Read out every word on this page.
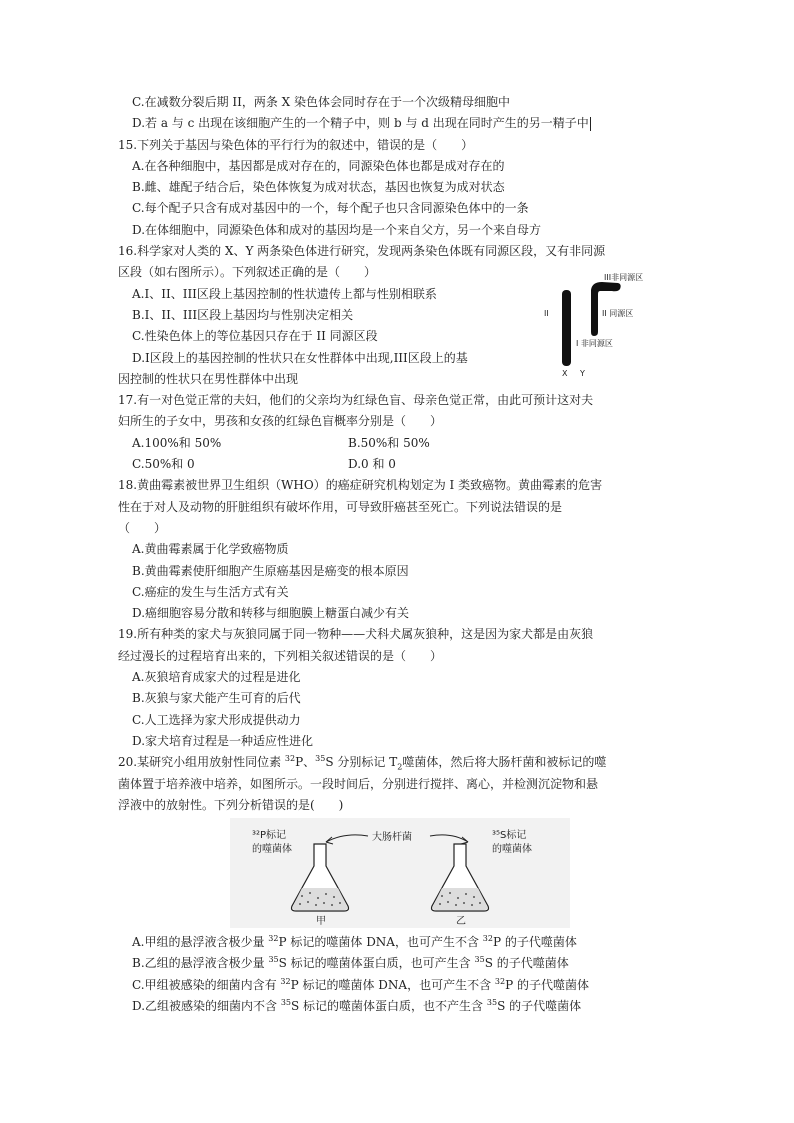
C.在减数分裂后期 II，两条 X 染色体会同时存在于一个次级精母细胞中
D.若 a 与 c 出现在该细胞产生的一个精子中，则 b 与 d 出现在同时产生的另一精子中
15.下列关于基因与染色体的平行行为的叙述中，错误的是（　　）
A.在各种细胞中，基因都是成对存在的，同源染色体也都是成对存在的
B.雌、雄配子结合后，染色体恢复为成对状态，基因也恢复为成对状态
C.每个配子只含有成对基因中的一个，每个配子也只含同源染色体中的一条
D.在体细胞中，同源染色体和成对的基因均是一个来自父方，另一个来自母方
16.科学家对人类的 X、Y 两条染色体进行研究，发现两条染色体既有同源区段，又有非同源
区段（如右图所示）。下列叙述正确的是（　　）
A.I、II、III区段上基因控制的性状遗传上都与性别相联系
B.I、II、III区段上基因均与性别决定相关
C.性染色体上的等位基因只存在于 II 同源区段
D.I区段上的基因控制的性状只在女性群体中出现,III区段上的基
因控制的性状只在男性群体中出现
17.有一对色觉正常的夫妇，他们的父亲均为红绿色盲、母亲色觉正常，由此可预计这对夫
妇所生的子女中，男孩和女孩的红绿色盲概率分别是（　　）
A.100%和 50%	B.50%和 50%
C.50%和 0	D.0 和 0
18.黄曲霉素被世界卫生组织（WHO）的癌症研究机构划定为 I 类致癌物。黄曲霉素的危害
性在于对人及动物的肝脏组织有破坏作用，可导致肝癌甚至死亡。下列说法错误的是
（　　）
A.黄曲霉素属于化学致癌物质
B.黄曲霉素使肝细胞产生原癌基因是癌变的根本原因
C.癌症的发生与生活方式有关
D.癌细胞容易分散和转移与细胞膜上糖蛋白减少有关
19.所有种类的家犬与灰狼同属于同一物种——犬科犬属灰狼种，这是因为家犬都是由灰狼
经过漫长的过程培育出来的，下列相关叙述错误的是（　　）
A.灰狼培育成家犬的过程是进化
B.灰狼与家犬能产生可育的后代
C.人工选择为家犬形成提供动力
D.家犬培育过程是一种适应性进化
20.某研究小组用放射性同位素 $^{32}$P、$^{35}$S 分别标记 $T_2$噬菌体，然后将大肠杆菌和被标记的噬
菌体置于培养液中培养，如图所示。一段时间后，分别进行搅拌、离心，并检测沉淀物和悬
浮液中的放射性。下列分析错误的是(　　)
A.甲组的悬浮液含极少量 $^{32}$P 标记的噬菌体 DNA，也可产生不含 $^{32}$P 的子代噬菌体
B.乙组的悬浮液含极少量 $^{35}$S 标记的噬菌体蛋白质，也可产生含 $^{35}$S 的子代噬菌体
C.甲组被感染的细菌内含有 $^{32}$P 标记的噬菌体 DNA，也可产生不含 $^{32}$P 的子代噬菌体
D.乙组被感染的细菌内不含 $^{35}$S 标记的噬菌体蛋白质，也不产生含 $^{35}$S 的子代噬菌体
III非同源区
II	II 同源区
I 非同源区
X Y
³²P标记
的噬菌体
大肠杆菌	³⁵S标记
的噬菌体
甲	乙
